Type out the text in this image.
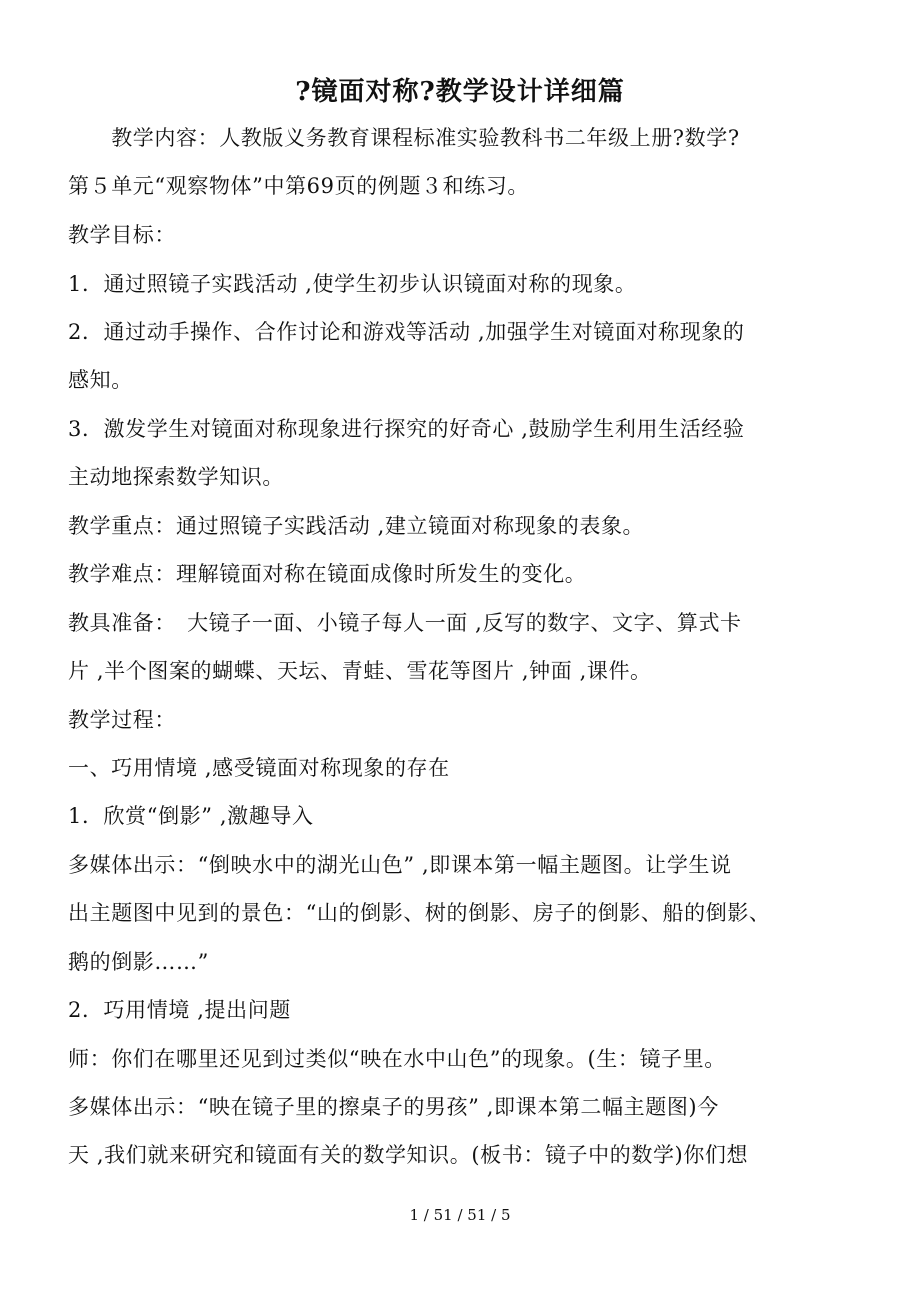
?镜面对称?教学设计详细篇
　　教学内容：人教版义务教育课程标准实验教科书二年级上册?数学?
第５单元“观察物体”中第69页的例题３和练习。
教学目标：
1．通过照镜子实践活动 ,使学生初步认识镜面对称的现象。
2．通过动手操作、合作讨论和游戏等活动 ,加强学生对镜面对称现象的
感知。
3．激发学生对镜面对称现象进行探究的好奇心 ,鼓励学生利用生活经验
主动地探索数学知识。
教学重点：通过照镜子实践活动 ,建立镜面对称现象的表象。
教学难点：理解镜面对称在镜面成像时所发生的变化。
教具准备：　大镜子一面、小镜子每人一面 ,反写的数字、文字、算式卡
片 ,半个图案的蝴蝶、天坛、青蛙、雪花等图片 ,钟面 ,课件。
教学过程：
一、巧用情境 ,感受镜面对称现象的存在
1．欣赏“倒影” ,激趣导入
多媒体出示：“倒映水中的湖光山色” ,即课本第一幅主题图。让学生说
出主题图中见到的景色：“山的倒影、树的倒影、房子的倒影、船的倒影、
鹅的倒影……”
2．巧用情境 ,提出问题
师：你们在哪里还见到过类似“映在水中山色”的现象。(生：镜子里。
多媒体出示：“映在镜子里的擦桌子的男孩” ,即课本第二幅主题图)今
天 ,我们就来研究和镜面有关的数学知识。(板书：镜子中的数学)你们想
1 / 51 / 51 / 5
